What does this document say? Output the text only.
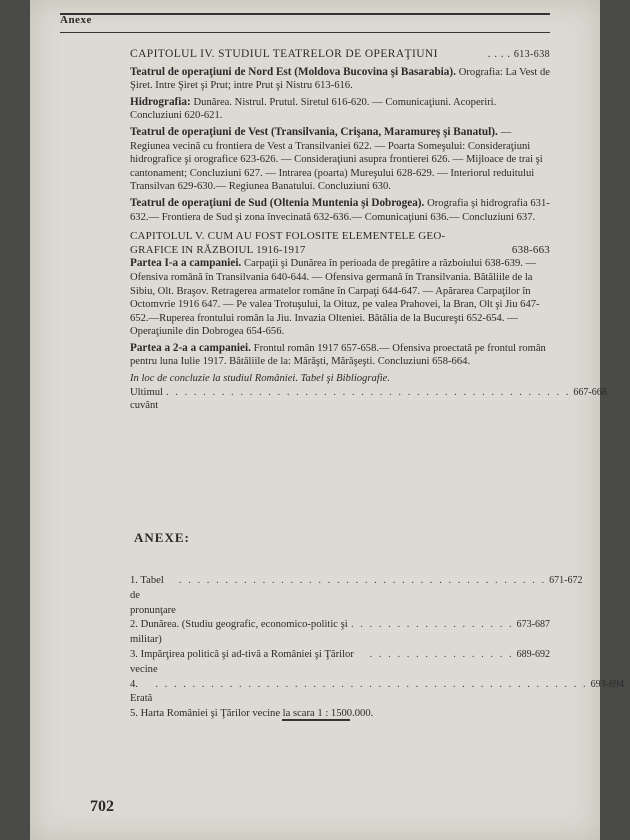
Anexe
CAPITOLUL IV. STUDIUL TEATRELOR DE OPERAŢIUNI	. . . . 613-638
Teatrul de operaţiuni de Nord Est (Moldova Bucovina şi Basarabia). Orografia: La Vest de Şiret. Intre Şiret şi Prut; intre Prut şi Nistru 613-616.
Hidrografia: Dunărea. Nistrul. Prutul. Siretul 616-620. — Comunicaţiuni. Acoperiri. Concluziuni 620-621.
Teatrul de operaţiuni de Vest (Transilvania, Crişana, Maramureş şi Banatul). — Regiunea vecină cu frontiera de Vest a Transilvaniei 622. — Poarta Someşului: Consideraţiuni hidrografice şi orografice 623-626. — Consideraţiuni asupra frontierei 626. — Mijloace de trai şi cantonament; Concluziuni 627. — Intrarea (poarta) Mureşului 628-629. — Interiorul reduitului Transilvan 629-630.— Regiunea Banatului. Concluziuni 630.
Teatrul de operaţiuni de Sud (Oltenia Muntenia şi Dobrogea). Orografia şi hidrografia 631-632.— Frontiera de Sud şi zona învecinată 632-636.— Comunicaţiuni 636.— Concluziuni 637.
CAPITOLUL V. CUM AU FOST FOLOSITE ELEMENTELE GEO-
GRAFICE IN RĂZBOIUL 1916-1917	638-663
Partea I-a a campaniei. Carpaţii şi Dunărea în perioada de pregătire a războiului 638-639. — Ofensiva română în Transilvania 640-644. — Ofensiva germană în Transilvania. Bătăliile de la Sibiu, Olt. Braşov. Retragerea armatelor române în Carpaţi 644-647. — Apărarea Carpaţilor în Octomvrie 1916 647. — Pe valea Trotuşului, la Oituz, pe valea Prahovei, la Bran, Olt şi Jiu 647-652.—Ruperea frontului român la Jiu. Invazia Olteniei. Bătălia de la Bucureşti 652-654. — Operaţiunile din Dobrogea 654-656.
Partea a 2-a a campaniei. Frontul român 1917 657-658.— Ofensiva proectată pe frontul român pentru luna Iulie 1917. Bătăliile de la: Mărăşti, Mărăşeşti. Concluziuni 658-664.
In loc de concluzie la studiul României. Tabel şi Bibliografie.
Ultimul cuvânt
. . . . . . . . . . . . . . . . . . . . . . . . . . . . . . . . . . . . . . . . . . . . 667-668
ANEXE:
1. Tabel de pronunţare
. . . . . . . . . . . . . . . . . . . . . . . . . . . . . . . . . . . . . . . . 671-672
2. Dunărea. (Studiu geografic, economico-politic şi militar)
. . . . . . . . . . . . . . . . . . 673-687
3. Impărţirea politică şi ad-tivă a României şi Ţărilor vecine
. . . . . . . . . . . . . . . . 689-692
4. Erată
. . . . . . . . . . . . . . . . . . . . . . . . . . . . . . . . . . . . . . . . . . . . . . . 693-694
5. Harta României şi Ţărilor vecine la scara 1 : 1500.000.
702
